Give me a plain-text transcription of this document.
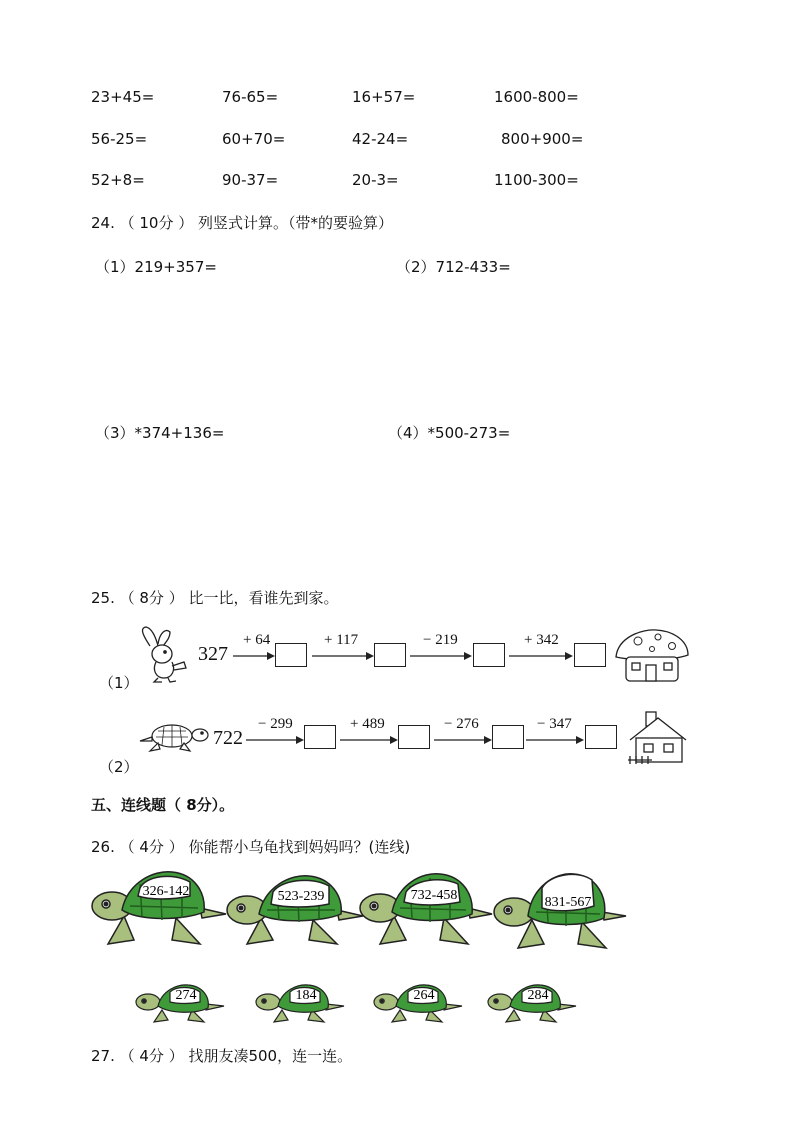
23+45=	76-65=	16+57=	1600-800=
56-25=	60+70=	42-24=	800+900=
52+8=	90-37=	20-3=	1100-300=
24. （ 10分 ） 列竖式计算。（带*的要验算）
（1）219+357=	（2）712-433=
（3）*374+136=	（4）*500-273=
25. （ 8分 ） 比一比，看谁先到家。
（1）
327
+ 64	+ 117	− 219	+ 342
（2）
722
− 299	+ 489	− 276	− 347
五、连线题（ 8分）。
26. （ 4分 ） 你能帮小乌龟找到妈妈吗？(连线)
326-142	523-239	732-458	831-567
274	184	264	284
27. （ 4分 ） 找朋友凑500，连一连。
